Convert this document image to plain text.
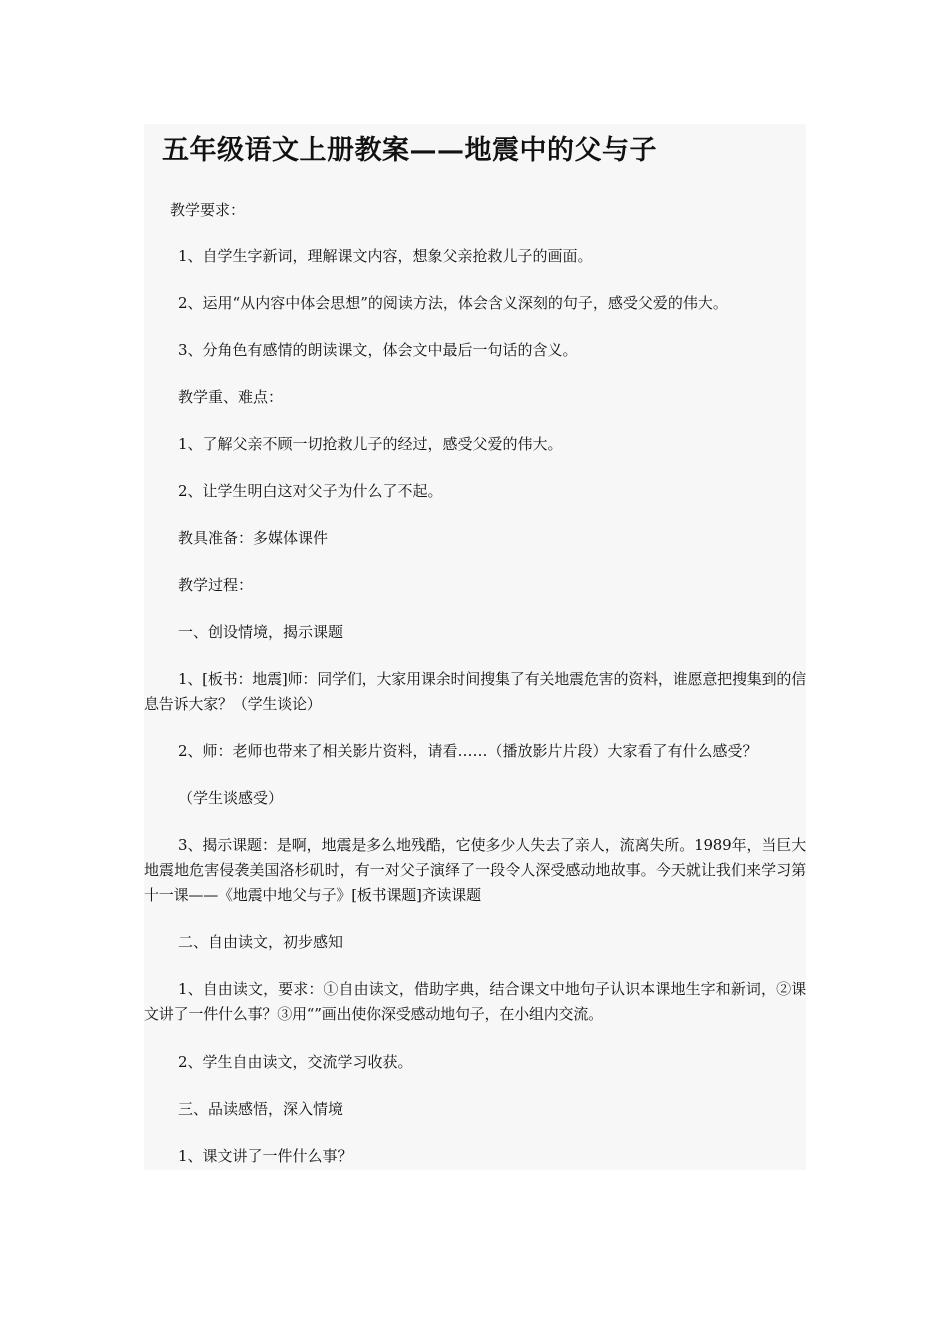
五年级语文上册教案——地震中的父与子

教学要求：

1、自学生字新词，理解课文内容，想象父亲抢救儿子的画面。

2、运用“从内容中体会思想”的阅读方法，体会含义深刻的句子，感受父爱的伟大。

3、分角色有感情的朗读课文，体会文中最后一句话的含义。

教学重、难点：

1、了解父亲不顾一切抢救儿子的经过，感受父爱的伟大。

2、让学生明白这对父子为什么了不起。

教具准备：多媒体课件

教学过程：

一、创设情境，揭示课题

1、[板书：地震]师：同学们，大家用课余时间搜集了有关地震危害的资料，谁愿意把搜集到的信息告诉大家？（学生谈论）

2、师：老师也带来了相关影片资料，请看……（播放影片片段）大家看了有什么感受？

（学生谈感受）

3、揭示课题：是啊，地震是多么地残酷，它使多少人失去了亲人，流离失所。1989年，当巨大地震地危害侵袭美国洛杉矶时，有一对父子演绎了一段令人深受感动地故事。今天就让我们来学习第十一课——《地震中地父与子》[板书课题]齐读课题

二、自由读文，初步感知

1、自由读文，要求：①自由读文，借助字典，结合课文中地句子认识本课地生字和新词，②课文讲了一件什么事？③用“”画出使你深受感动地句子，在小组内交流。

2、学生自由读文，交流学习收获。

三、品读感悟，深入情境

1、课文讲了一件什么事？
